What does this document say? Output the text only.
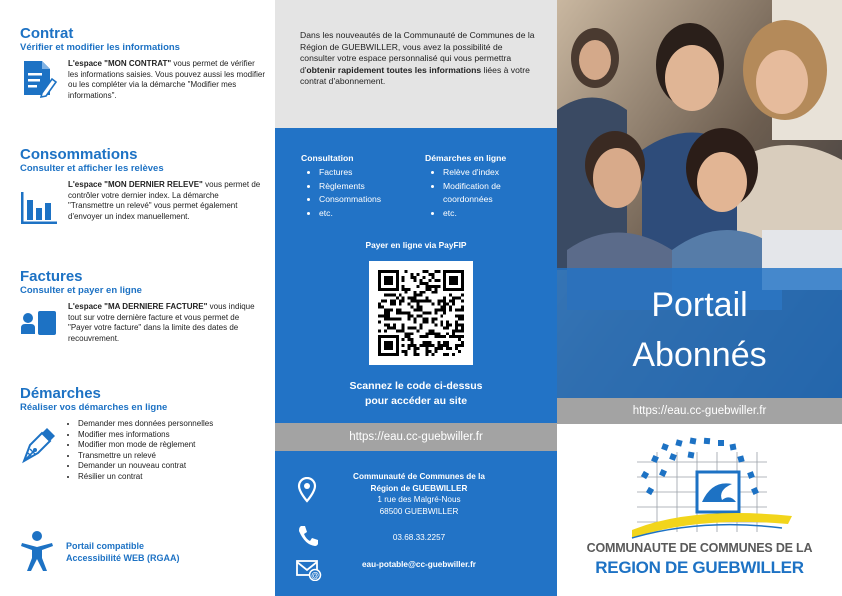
Contrat
Vérifier et modifier les informations
L'espace "MON CONTRAT" vous permet de vérifier les informations saisies. Vous pouvez aussi les modifier ou les compléter via la démarche "Modifier mes informations".
Consommations
Consulter et afficher les relèves
L'espace "MON DERNIER RELEVE" vous permet de contrôler votre dernier index. La démarche "Transmettre un relevé" vous permet également d'envoyer un index manuellement.
Factures
Consulter et payer en ligne
L'espace "MA DERNIERE FACTURE" vous indique tout sur votre dernière facture et vous permet de "Payer votre facture" dans la limite des dates de recouvrement.
Démarches
Réaliser vos démarches en ligne
• Demander mes données personnelles
• Modifier mes informations
• Modifier mon mode de règlement
• Transmettre un relevé
• Demander un nouveau contrat
• Résilier un contrat
Portail compatible
Accessibilité WEB (RGAA)
Dans les nouveautés de la Communauté de Communes de la Région de GUEBWILLER, vous avez la possibilité de consulter votre espace personnalisé qui vous permettra d'obtenir rapidement toutes les informations liées à votre contrat d'abonnement.
Consultation
• Factures
• Règlements
• Consommations
• etc.
Démarches en ligne
• Relève d'index
• Modification de coordonnées
• etc.
Payer en ligne via PayFIP
Scannez le code ci-dessus
pour accéder au site
https://eau.cc-guebwiller.fr
@
Communauté de Communes de la
Région de GUEBWILLER
1 rue des Malgré-Nous
68500 GUEBWILLER
03.68.33.2257
eau-potable@cc-guebwiller.fr
Portail
Abonnés
https://eau.cc-guebwiller.fr
COMMUNAUTE DE COMMUNES DE LA
REGION DE GUEBWILLER
